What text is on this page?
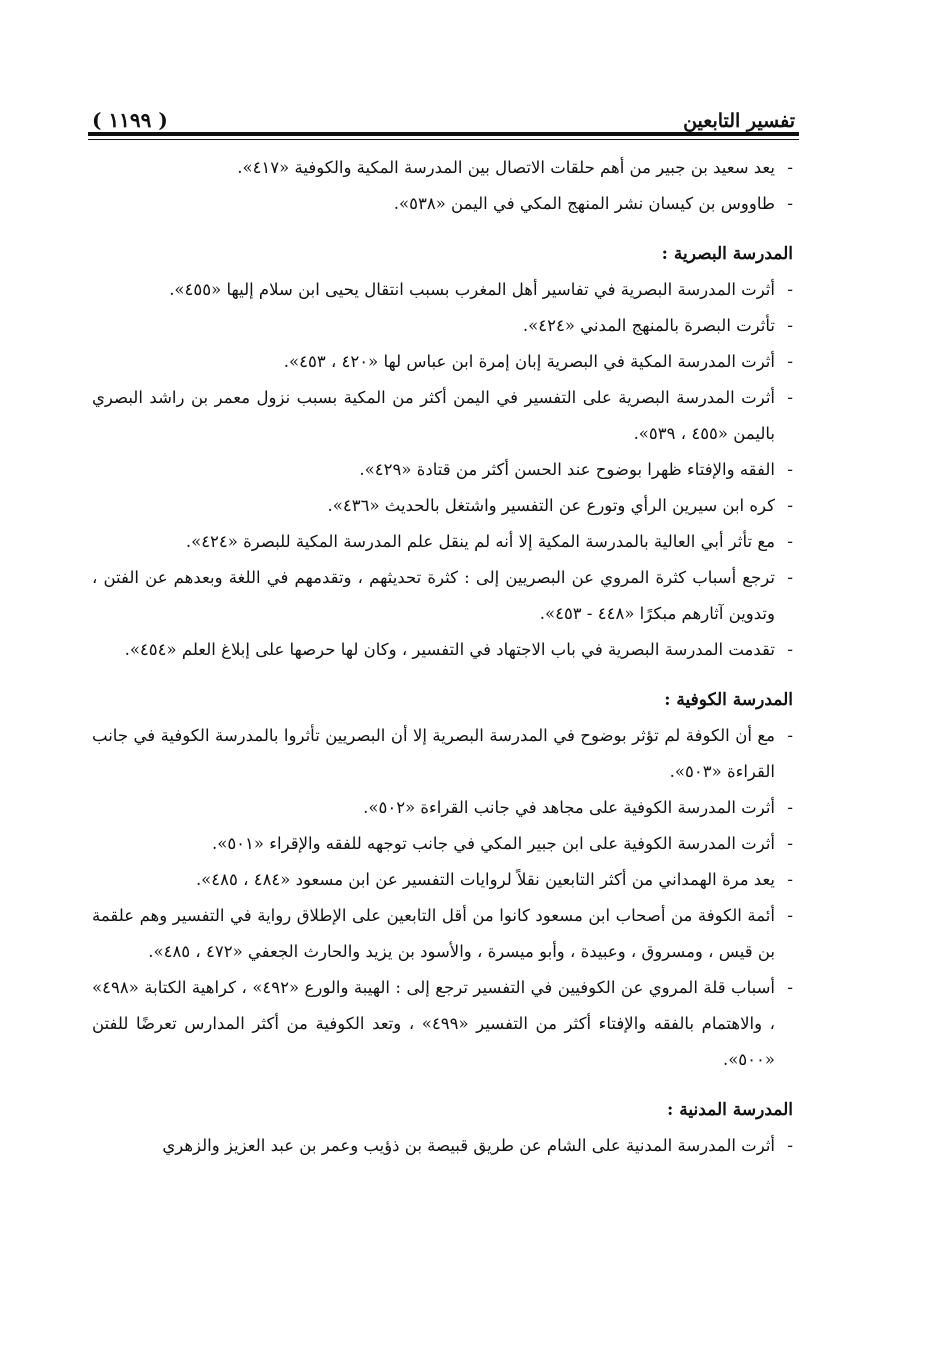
تفسير التابعين
( ١١٩٩ )
-
يعد سعيد بن جبير من أهم حلقات الاتصال بين المدرسة المكية والكوفية «٤١٧».
-
طاووس بن كيسان نشر المنهج المكي في اليمن «٥٣٨».
المدرسة البصرية :
-
أثرت المدرسة البصرية في تفاسير أهل المغرب بسبب انتقال يحيى ابن سلام إليها «٤٥٥».
-
تأثرت البصرة بالمنهج المدني «٤٢٤».
-
أثرت المدرسة المكية في البصرية إبان إمرة ابن عباس لها «٤٢٠ ، ٤٥٣».
-
أثرت المدرسة البصرية على التفسير في اليمن أكثر من المكية بسبب نزول معمر بن راشد البصري باليمن «٤٥٥ ، ٥٣٩».
-
الفقه والإفتاء ظهرا بوضوح عند الحسن أكثر من قتادة «٤٢٩».
-
كره ابن سيرين الرأي وتورع عن التفسير واشتغل بالحديث «٤٣٦».
-
مع تأثر أبي العالية بالمدرسة المكية إلا أنه لم ينقل علم المدرسة المكية للبصرة «٤٢٤».
-
ترجع أسباب كثرة المروي عن البصريين إلى : كثرة تحديثهم ، وتقدمهم في اللغة وبعدهم عن الفتن ، وتدوين آثارهم مبكرًا «٤٤٨ - ٤٥٣».
-
تقدمت المدرسة البصرية في باب الاجتهاد في التفسير ، وكان لها حرصها على إبلاغ العلم «٤٥٤».
المدرسة الكوفية :
-
مع أن الكوفة لم تؤثر بوضوح في المدرسة البصرية إلا أن البصريين تأثروا بالمدرسة الكوفية في جانب القراءة «٥٠٣».
-
أثرت المدرسة الكوفية على مجاهد في جانب القراءة «٥٠٢».
-
أثرت المدرسة الكوفية على ابن جبير المكي في جانب توجهه للفقه والإقراء «٥٠١».
-
يعد مرة الهمداني من أكثر التابعين نقلاً لروايات التفسير عن ابن مسعود «٤٨٤ ، ٤٨٥».
-
أئمة الكوفة من أصحاب ابن مسعود كانوا من أقل التابعين على الإطلاق رواية في التفسير وهم علقمة بن قيس ، ومسروق ، وعبيدة ، وأبو ميسرة ، والأسود بن يزيد والحارث الجعفي «٤٧٢ ، ٤٨٥».
-
أسباب قلة المروي عن الكوفيين في التفسير ترجع إلى : الهيبة والورع «٤٩٢» ، كراهية الكتابة «٤٩٨» ، والاهتمام بالفقه والإفتاء أكثر من التفسير «٤٩٩» ، وتعد الكوفية من أكثر المدارس تعرضًا للفتن «٥٠٠».
المدرسة المدنية :
-
أثرت المدرسة المدنية على الشام عن طريق قبيصة بن ذؤيب وعمر بن عبد العزيز والزهري
